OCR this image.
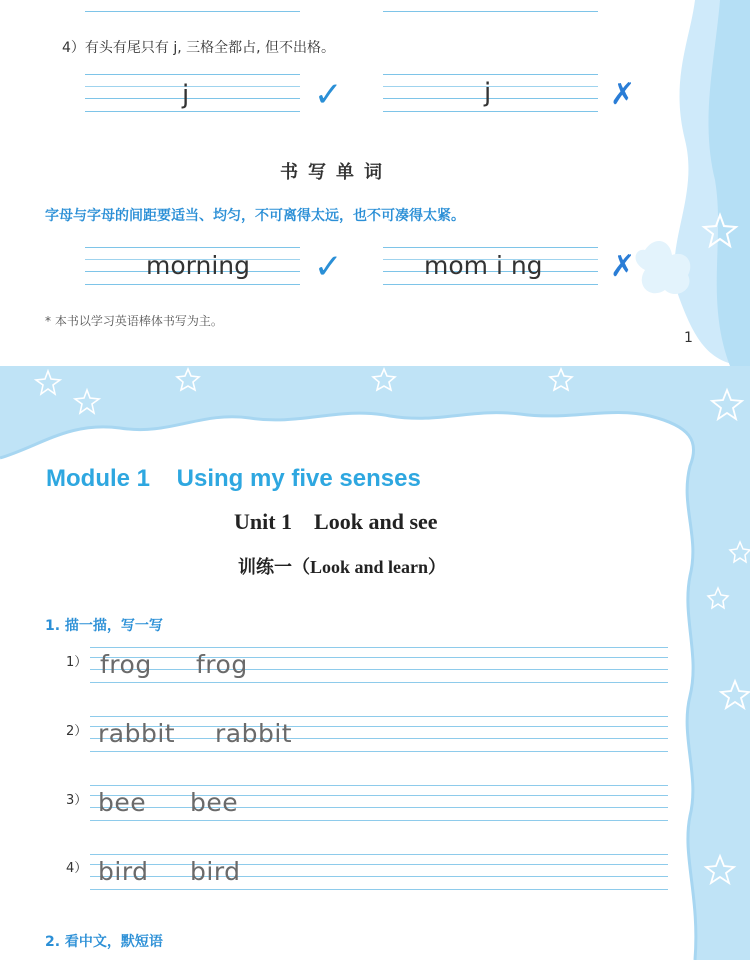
4）有头有尾只有 j, 三格全都占, 但不出格。
j	✓	j	✗
书写单词
字母与字母的间距要适当、均匀，不可离得太远，也不可凑得太紧。
morning ✓	mom i ng ✗
* 本书以学习英语棒体书写为主。
1
Module 1    Using my five senses
Unit 1    Look and see
训练一（Look and learn）
1. 描一描，写一写
1） frog frog
2） rabbit rabbit
3） bee bee
4） bird bird
2. 看中文，默短语
